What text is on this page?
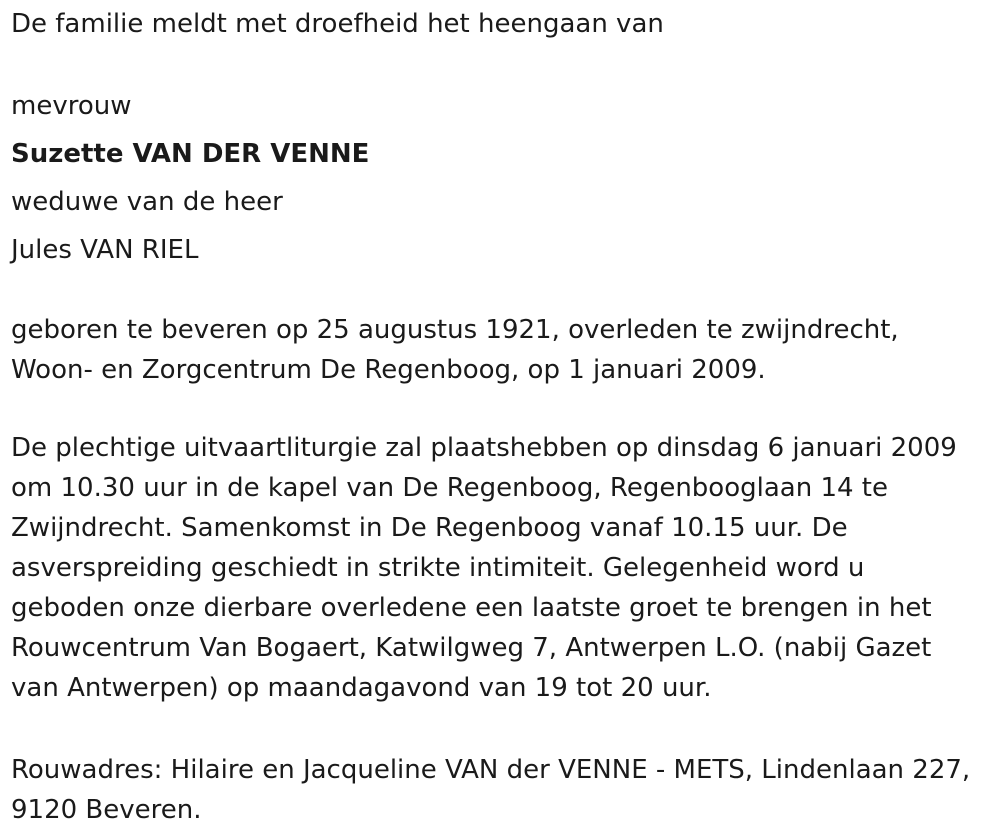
De familie meldt met droefheid het heengaan van
mevrouw
Suzette VAN DER VENNE
weduwe van de heer
Jules VAN RIEL
geboren te beveren op 25 augustus 1921, overleden te zwijndrecht,
Woon- en Zorgcentrum De Regenboog, op 1 januari 2009.
De plechtige uitvaartliturgie zal plaatshebben op dinsdag 6 januari 2009
om 10.30 uur in de kapel van De Regenboog, Regenbooglaan 14 te
Zwijndrecht. Samenkomst in De Regenboog vanaf 10.15 uur. De
asverspreiding geschiedt in strikte intimiteit. Gelegenheid word u
geboden onze dierbare overledene een laatste groet te brengen in het
Rouwcentrum Van Bogaert, Katwilgweg 7, Antwerpen L.O. (nabij Gazet
van Antwerpen) op maandagavond van 19 tot 20 uur.
Rouwadres: Hilaire en Jacqueline VAN der VENNE - METS, Lindenlaan 227,
9120 Beveren.
